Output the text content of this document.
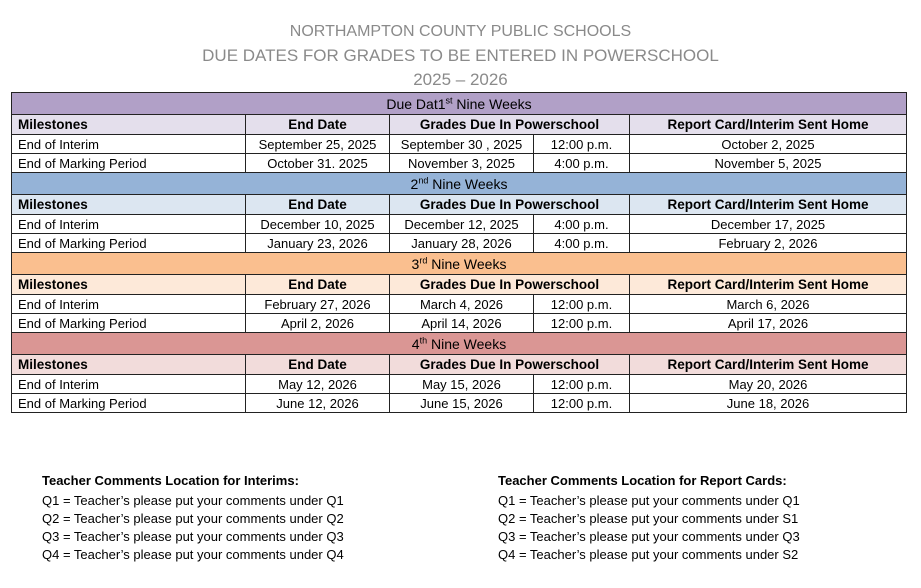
NORTHAMPTON COUNTY PUBLIC SCHOOLS
DUE DATES FOR GRADES TO BE ENTERED IN POWERSCHOOL
2025 – 2026
Due Dat1st Nine Weeks				
Milestones	End Date	Grades Due In Powerschool		Report Card/Interim Sent Home
End of Interim	September 25, 2025	September 30 , 2025	12:00 p.m.	October 2, 2025
End of Marking Period	October 31. 2025	November 3, 2025	4:00 p.m.	November 5, 2025
2nd Nine Weeks				
Milestones	End Date	Grades Due In Powerschool		Report Card/Interim Sent Home
End of Interim	December 10, 2025	December 12, 2025	4:00 p.m.	December 17, 2025
End of Marking Period	January 23, 2026	January 28, 2026	4:00 p.m.	February 2, 2026
3rd Nine Weeks				
Milestones	End Date	Grades Due In Powerschool		Report Card/Interim Sent Home
End of Interim	February 27, 2026	March 4, 2026	12:00 p.m.	March 6, 2026
End of Marking Period	April 2, 2026	April 14, 2026	12:00 p.m.	April 17, 2026
4th Nine Weeks				
Milestones	End Date	Grades Due In Powerschool		Report Card/Interim Sent Home
End of Interim	May 12, 2026	May 15, 2026	12:00 p.m.	May 20, 2026
End of Marking Period	June 12, 2026	June 15, 2026	12:00 p.m.	June 18, 2026
Teacher Comments Location for Interims:
Q1 = Teacher’s please put your comments under Q1
Q2 = Teacher’s please put your comments under Q2
Q3 = Teacher’s please put your comments under Q3
Q4 = Teacher’s please put your comments under Q4
Teacher Comments Location for Report Cards:
Q1 = Teacher’s please put your comments under Q1
Q2 = Teacher’s please put your comments under S1
Q3 = Teacher’s please put your comments under Q3
Q4 = Teacher’s please put your comments under S2
